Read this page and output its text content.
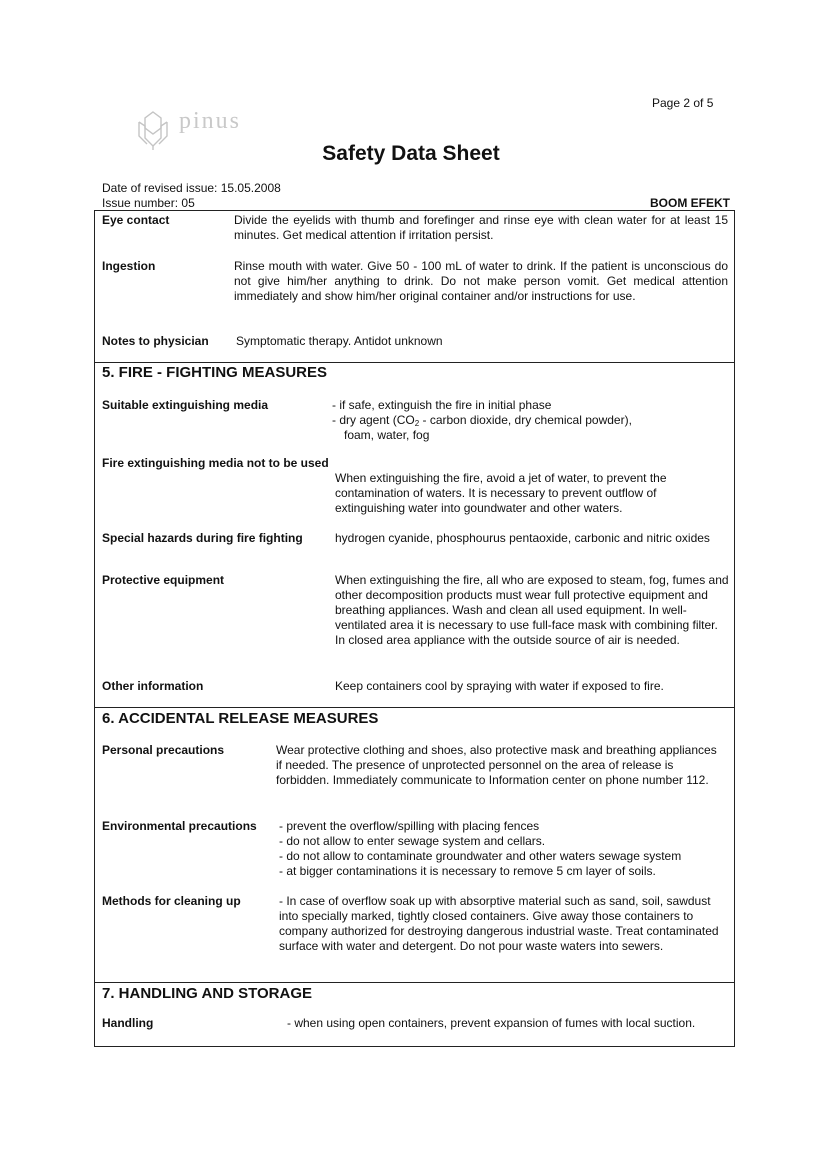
Page 2 of 5
pinus
Safety Data Sheet
Date of revised issue: 15.05.2008
Issue number: 05	BOOM EFEKT
Eye contact	Divide the eyelids with thumb and forefinger and rinse eye with clean water for at least 15 minutes. Get medical attention if irritation persist.
Ingestion	Rinse mouth with water. Give 50 - 100 mL of water to drink. If the patient is unconscious do not give him/her anything to drink. Do not make person vomit. Get medical attention immediately and show him/her original container and/or instructions for use.
Notes to physician Symptomatic therapy. Antidot unknown
5. FIRE - FIGHTING MEASURES
Suitable extinguishing media	- if safe, extinguish the fire in initial phase
- dry agent ($CO_2$ - carbon dioxide, dry chemical powder),
foam, water, fog
Fire extinguishing media not to be used
When extinguishing the fire, avoid a jet of water, to prevent the contamination of waters. It is necessary to prevent outflow of extinguishing water into goundwater and other waters.
Special hazards during fire fighting	hydrogen cyanide, phosphourus pentaoxide, carbonic and nitric oxides
Protective equipment	When extinguishing the fire, all who are exposed to steam, fog, fumes and other decomposition products must wear full protective equipment and breathing appliances. Wash and clean all used equipment. In well-ventilated area it is necessary to use full-face mask with combining filter. In closed area appliance with the outside source of air is needed.
Other information	Keep containers cool by spraying with water if exposed to fire.
6. ACCIDENTAL RELEASE MEASURES
Personal precautions	Wear protective clothing and shoes, also protective mask and breathing appliances if needed. The presence of unprotected personnel on the area of release is forbidden. Immediately communicate to Information center on phone number 112.
Environmental precautions - prevent the overflow/spilling with placing fences
- do not allow to enter sewage system and cellars.
- do not allow to contaminate groundwater and other waters sewage system
- at bigger contaminations it is necessary to remove 5 cm layer of soils.
Methods for cleaning up	- In case of overflow soak up with absorptive material such as sand, soil, sawdust into specially marked, tightly closed containers. Give away those containers to company authorized for destroying dangerous industrial waste. Treat contaminated surface with water and detergent. Do not pour waste waters into sewers.
7. HANDLING AND STORAGE
Handling	- when using open containers, prevent expansion of fumes with local suction.
